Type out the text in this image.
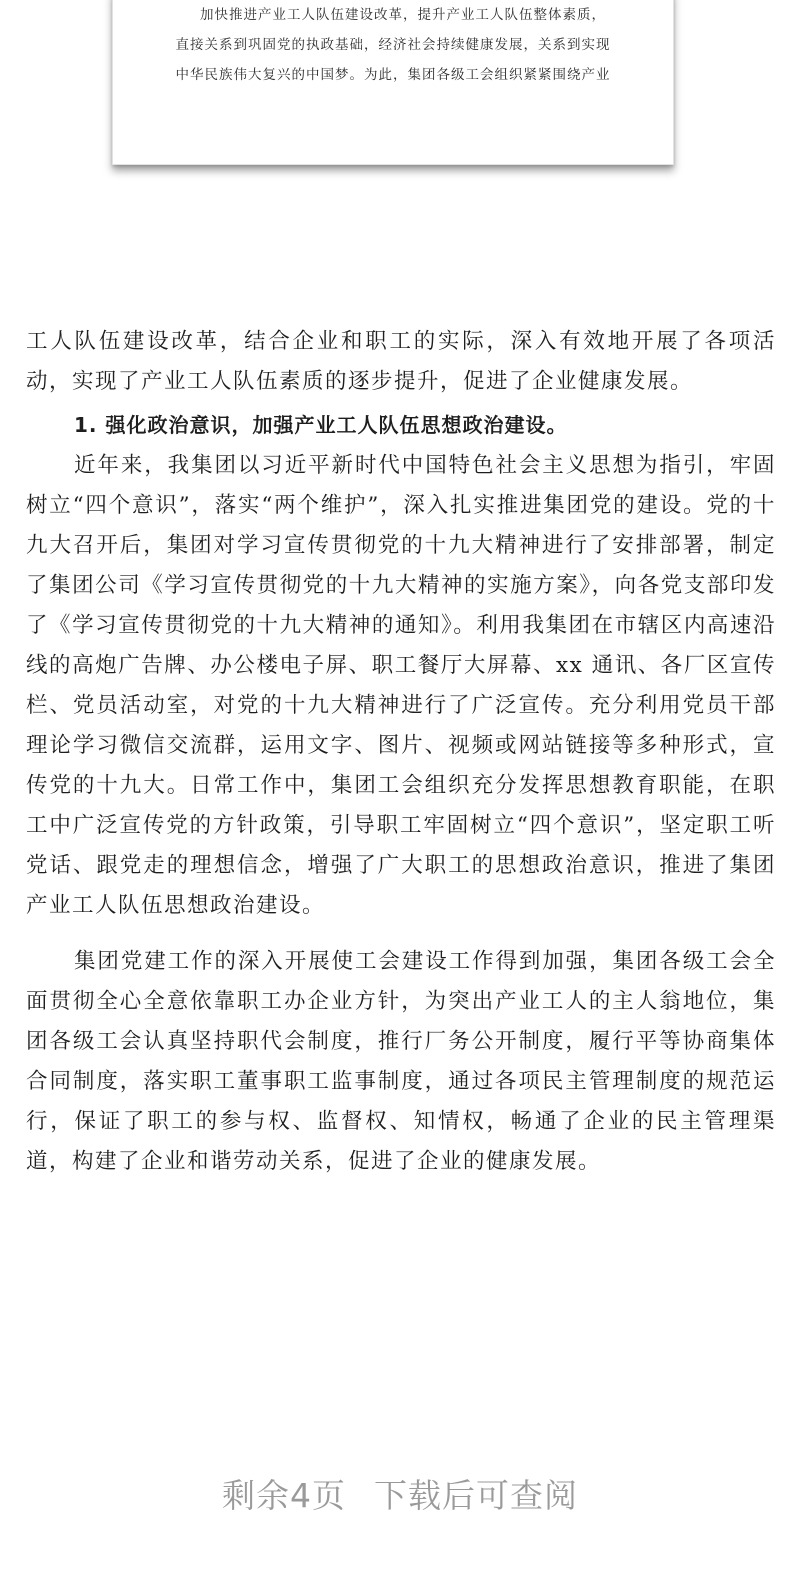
加快推进产业工人队伍建设改革，提升产业工人队伍整体素质，
直接关系到巩固党的执政基础，经济社会持续健康发展，关系到实现
中华民族伟大复兴的中国梦。为此，集团各级工会组织紧紧围绕产业

工人队伍建设改革，结合企业和职工的实际，深入有效地开展了各项活动，实现了产业工人队伍素质的逐步提升，促进了企业健康发展。

1. 强化政治意识，加强产业工人队伍思想政治建设。

近年来，我集团以习近平新时代中国特色社会主义思想为指引，牢固树立“四个意识”，落实“两个维护”，深入扎实推进集团党的建设。党的十九大召开后，集团对学习宣传贯彻党的十九大精神进行了安排部署，制定了集团公司《学习宣传贯彻党的十九大精神的实施方案》，向各党支部印发了《学习宣传贯彻党的十九大精神的通知》。利用我集团在市辖区内高速沿线的高炮广告牌、办公楼电子屏、职工餐厅大屏幕、xx 通讯、各厂区宣传栏、党员活动室，对党的十九大精神进行了广泛宣传。充分利用党员干部理论学习微信交流群，运用文字、图片、视频或网站链接等多种形式，宣传党的十九大。日常工作中，集团工会组织充分发挥思想教育职能，在职工中广泛宣传党的方针政策，引导职工牢固树立“四个意识”，坚定职工听党话、跟党走的理想信念，增强了广大职工的思想政治意识，推进了集团产业工人队伍思想政治建设。

集团党建工作的深入开展使工会建设工作得到加强，集团各级工会全面贯彻全心全意依靠职工办企业方针，为突出产业工人的主人翁地位，集团各级工会认真坚持职代会制度，推行厂务公开制度，履行平等协商集体合同制度，落实职工董事职工监事制度，通过各项民主管理制度的规范运行，保证了职工的参与权、监督权、知情权，畅通了企业的民主管理渠道，构建了企业和谐劳动关系，促进了企业的健康发展。

剩余4页 下载后可查阅
